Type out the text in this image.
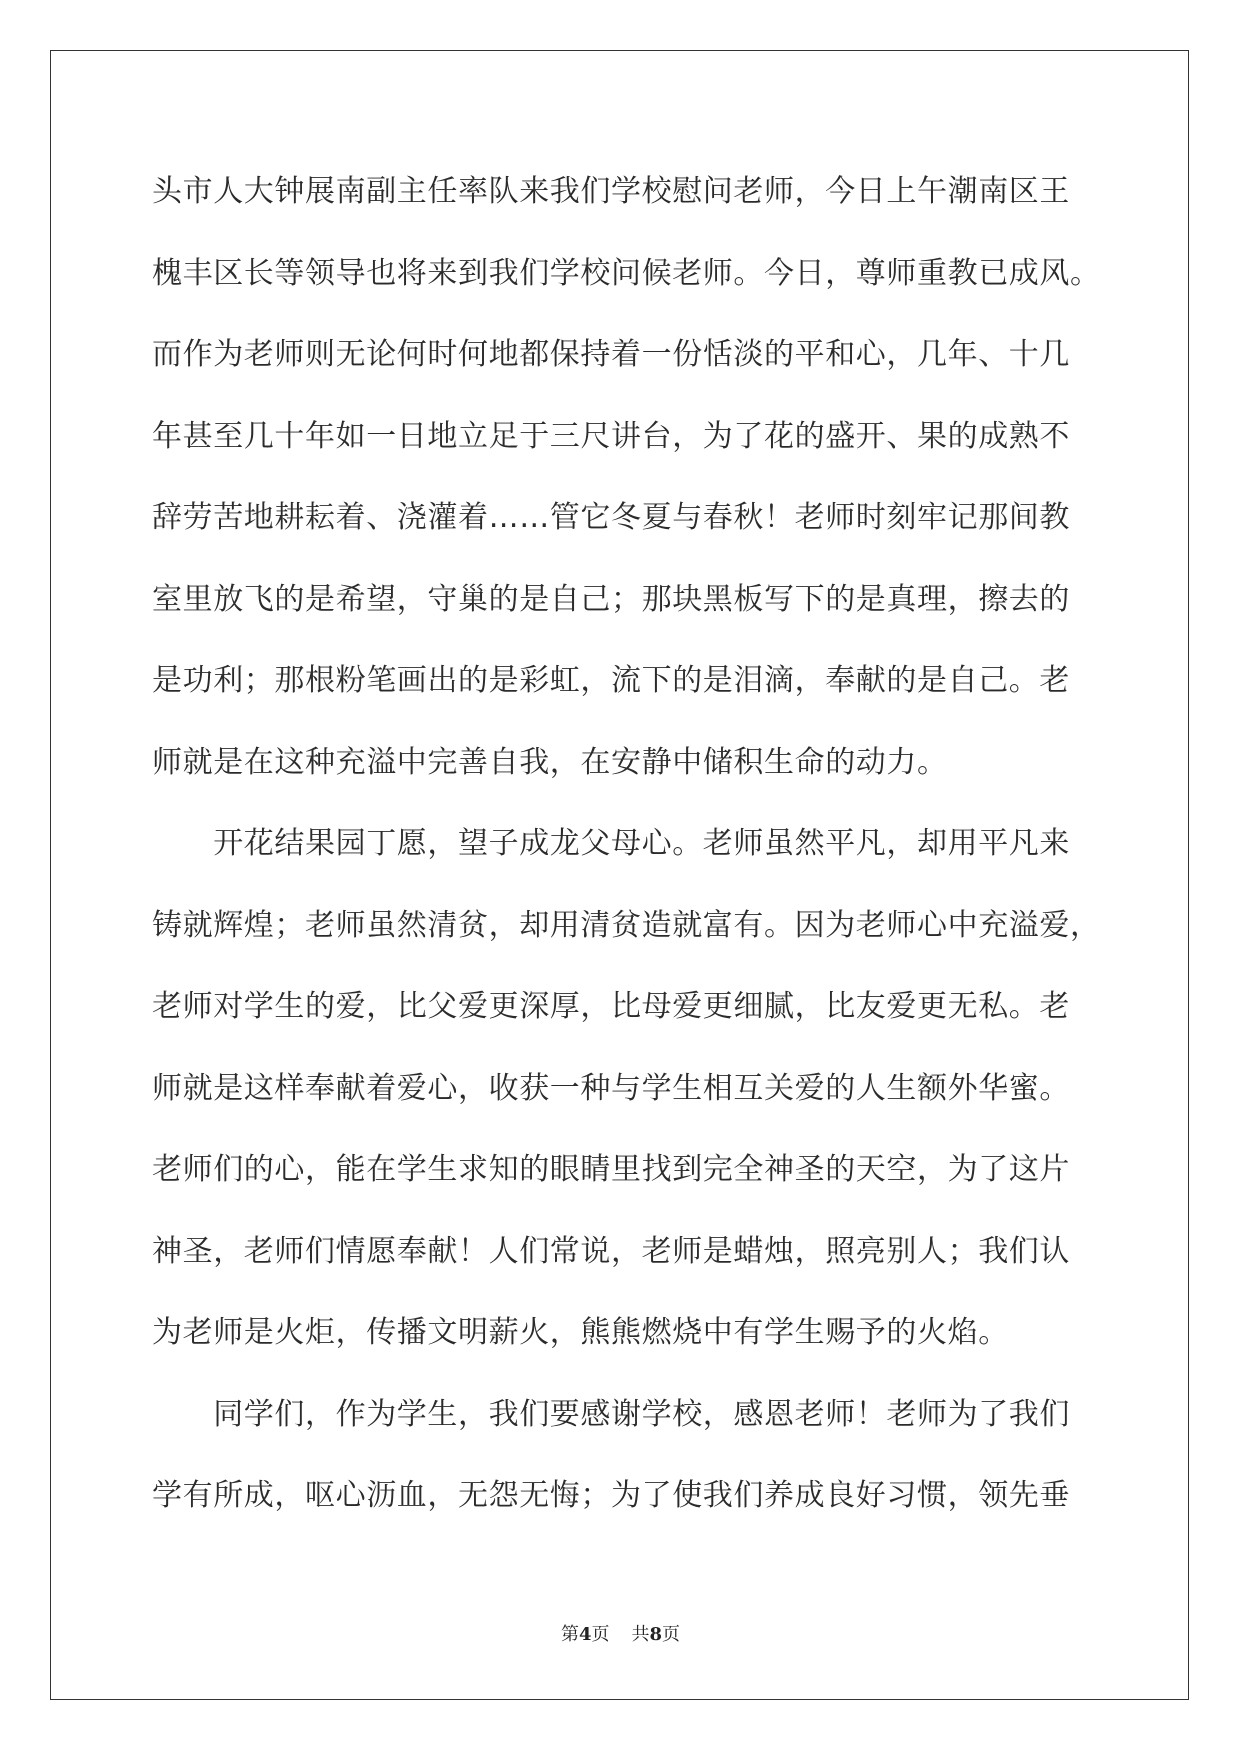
头市人大钟展南副主任率队来我们学校慰问老师，今日上午潮南区王
槐丰区长等领导也将来到我们学校问候老师。今日，尊师重教已成风。
而作为老师则无论何时何地都保持着一份恬淡的平和心，几年、十几
年甚至几十年如一日地立足于三尺讲台，为了花的盛开、果的成熟不
辞劳苦地耕耘着、浇灌着……管它冬夏与春秋！老师时刻牢记那间教
室里放飞的是希望，守巢的是自己；那块黑板写下的是真理，擦去的
是功利；那根粉笔画出的是彩虹，流下的是泪滴，奉献的是自己。老
师就是在这种充溢中完善自我，在安静中储积生命的动力。
　　开花结果园丁愿，望子成龙父母心。老师虽然平凡，却用平凡来
铸就辉煌；老师虽然清贫，却用清贫造就富有。因为老师心中充溢爱，
老师对学生的爱，比父爱更深厚，比母爱更细腻，比友爱更无私。老
师就是这样奉献着爱心，收获一种与学生相互关爱的人生额外华蜜。
老师们的心，能在学生求知的眼睛里找到完全神圣的天空，为了这片
神圣，老师们情愿奉献！人们常说，老师是蜡烛，照亮别人；我们认
为老师是火炬，传播文明薪火，熊熊燃烧中有学生赐予的火焰。
　　同学们，作为学生，我们要感谢学校，感恩老师！老师为了我们
学有所成，呕心沥血，无怨无悔；为了使我们养成良好习惯，领先垂
第4页 共8页
